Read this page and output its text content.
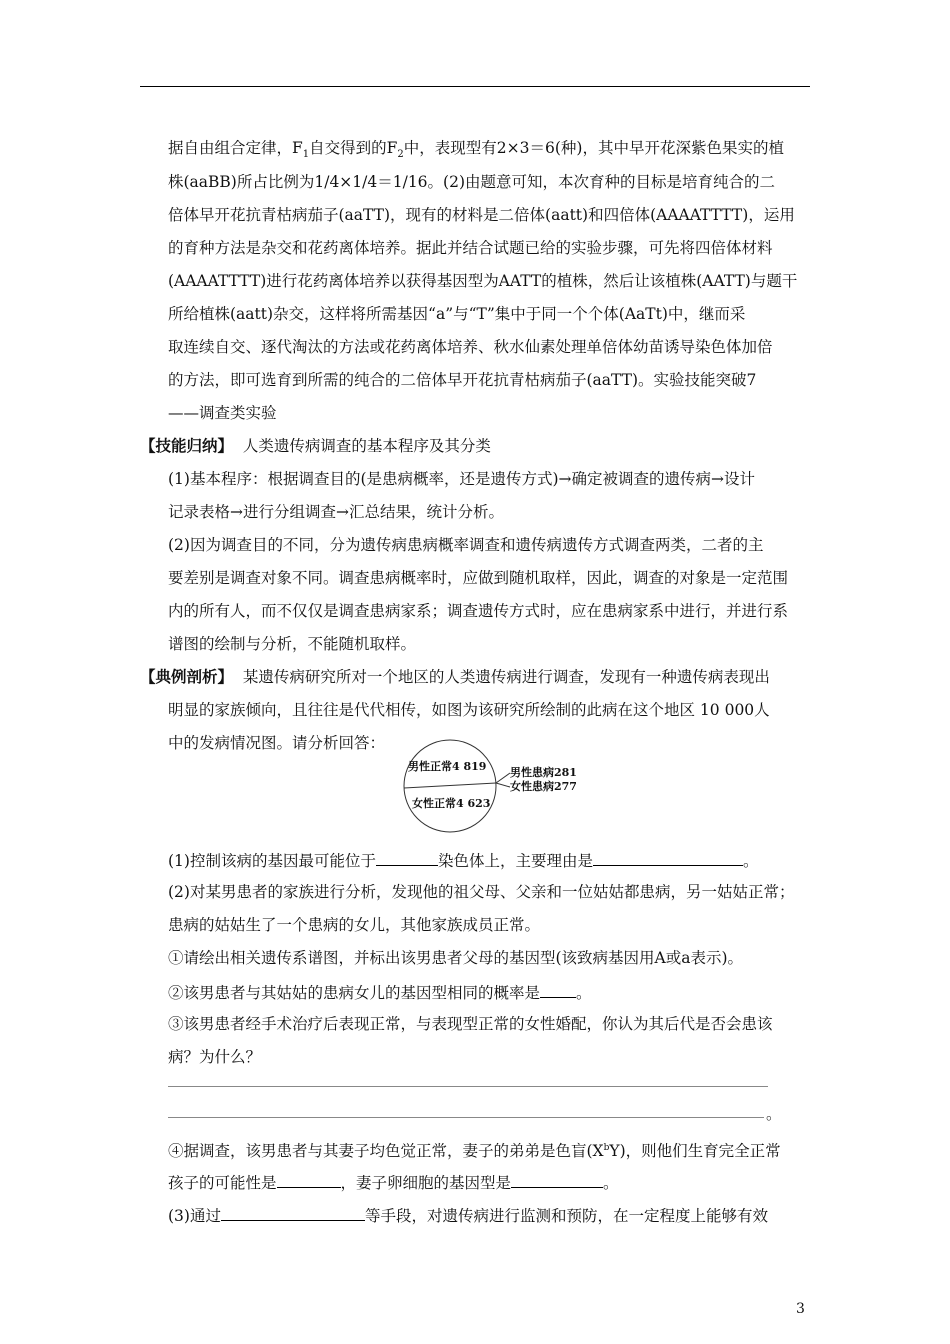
据自由组合定律，$F_1$自交得到的$F_2$中，表现型有2×3＝6(种)，其中早开花深紫色果实的植
株(aaBB)所占比例为1/4×1/4＝1/16。(2)由题意可知，本次育种的目标是培育纯合的二
倍体早开花抗青枯病茄子(aaTT)，现有的材料是二倍体(aatt)和四倍体(AAAATTTT)，运用
的育种方法是杂交和花药离体培养。据此并结合试题已给的实验步骤，可先将四倍体材料
(AAAATTTT)进行花药离体培养以获得基因型为AATT的植株，然后让该植株(AATT)与题干
所给植株(aatt)杂交，这样将所需基因“a”与“T”集中于同一个个体(AaTt)中，继而采
取连续自交、逐代淘汰的方法或花药离体培养、秋水仙素处理单倍体幼苗诱导染色体加倍
的方法，即可选育到所需的纯合的二倍体早开花抗青枯病茄子(aaTT)。实验技能突破7
——调查类实验
【技能归纳】 人类遗传病调查的基本程序及其分类
(1)基本程序：根据调查目的(是患病概率，还是遗传方式)→确定被调查的遗传病→设计
记录表格→进行分组调查→汇总结果，统计分析。
(2)因为调查目的不同，分为遗传病患病概率调查和遗传病遗传方式调查两类，二者的主
要差别是调查对象不同。调查患病概率时，应做到随机取样，因此，调查的对象是一定范围
内的所有人，而不仅仅是调查患病家系；调查遗传方式时，应在患病家系中进行，并进行系
谱图的绘制与分析，不能随机取样。
【典例剖析】 某遗传病研究所对一个地区的人类遗传病进行调查，发现有一种遗传病表现出
明显的家族倾向，且往往是代代相传，如图为该研究所绘制的此病在这个地区 10 000人
中的发病情况图。请分析回答：
男性正常4 819 男性患病281
女性患病277
女性正常4 623
(1)控制该病的基因最可能位于	染色体上，主要理由是	。
(2)对某男患者的家族进行分析，发现他的祖父母、父亲和一位姑姑都患病，另一姑姑正常；
患病的姑姑生了一个患病的女儿，其他家族成员正常。
①请绘出相关遗传系谱图，并标出该男患者父母的基因型(该致病基因用A或a表示)。
②该男患者与其姑姑的患病女儿的基因型相同的概率是 。
③该男患者经手术治疗后表现正常，与表现型正常的女性婚配，你认为其后代是否会患该
病？为什么？
。
④据调查，该男患者与其妻子均色觉正常，妻子的弟弟是色盲$(X^bY)$，则他们生育完全正常
孩子的可能性是	，妻子卵细胞的基因型是	。
(3)通过	等手段，对遗传病进行监测和预防，在一定程度上能够有效
3
